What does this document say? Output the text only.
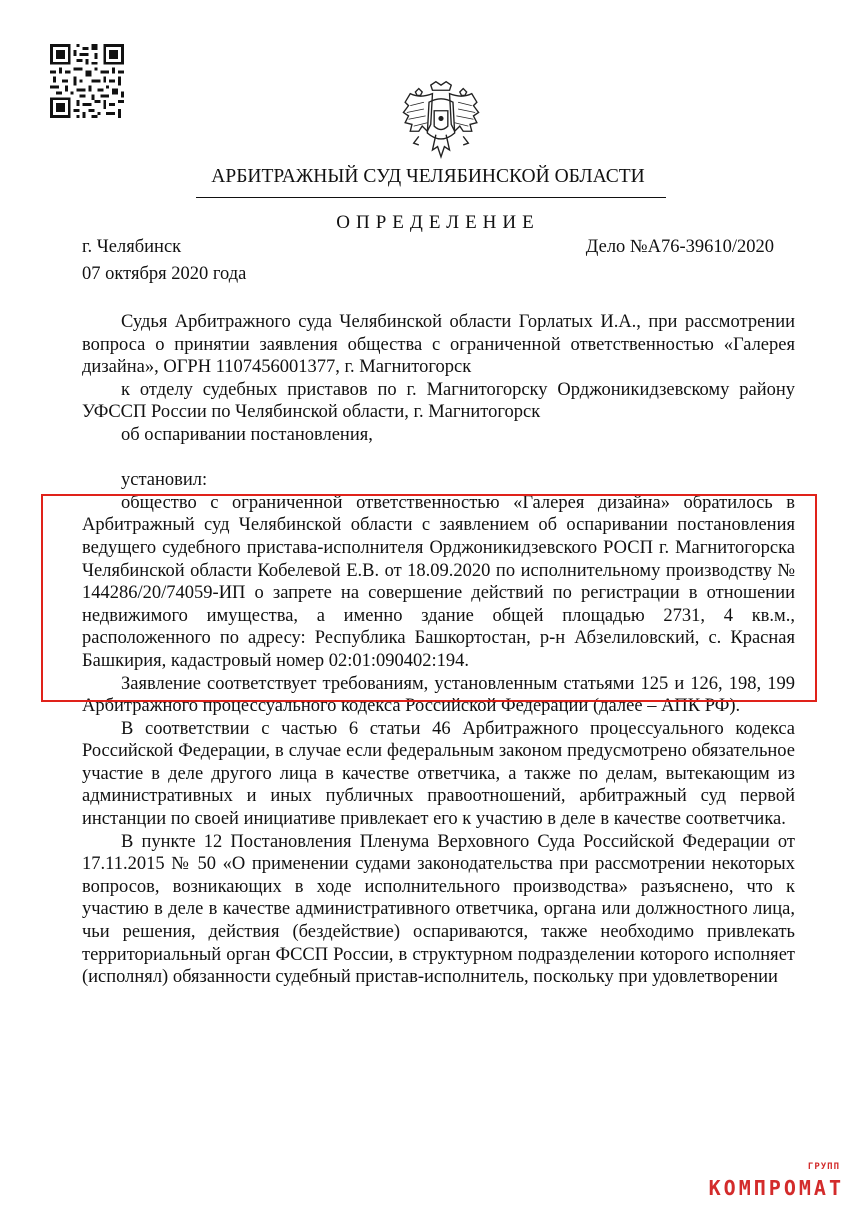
АРБИТРАЖНЫЙ СУД ЧЕЛЯБИНСКОЙ ОБЛАСТИ
ОПРЕДЕЛЕНИЕ
г. Челябинск
07 октября 2020 года
Дело №А76-39610/2020

Судья Арбитражного суда Челябинской области Горлатых И.А., при рассмотрении вопроса о принятии заявления общества с ограниченной ответственностью «Галерея дизайна», ОГРН 1107456001377, г. Магнитогорск

к отделу судебных приставов по г. Магнитогорску Орджоникидзевскому району УФССП России по Челябинской области, г. Магнитогорск

об оспаривании постановления,

установил:

общество с ограниченной ответственностью «Галерея дизайна» обратилось в Арбитражный суд Челябинской области с заявлением об оспаривании постановления ведущего судебного пристава-исполнителя Орджоникидзевского РОСП г. Магнитогорска Челябинской области Кобелевой Е.В. от 18.09.2020 по исполнительному производству № 144286/20/74059-ИП о запрете на совершение действий по регистрации в отношении недвижимого имущества, а именно здание общей площадью 2731, 4 кв.м., расположенного по адресу: Республика Башкортостан, р-н Абзелиловский, с. Красная Башкирия, кадастровый номер 02:01:090402:194.

Заявление соответствует требованиям, установленным статьями 125 и 126, 198, 199 Арбитражного процессуального кодекса Российской Федерации (далее – АПК РФ).

В соответствии с частью 6 статьи 46 Арбитражного процессуального кодекса Российской Федерации, в случае если федеральным законом предусмотрено обязательное участие в деле другого лица в качестве ответчика, а также по делам, вытекающим из административных и иных публичных правоотношений, арбитражный суд первой инстанции по своей инициативе привлекает его к участию в деле в качестве соответчика.

В пункте 12 Постановления Пленума Верховного Суда Российской Федерации от 17.11.2015 № 50 «О применении судами законодательства при рассмотрении некоторых вопросов, возникающих в ходе исполнительного производства» разъяснено, что к участию в деле в качестве административного ответчика, органа или должностного лица, чьи решения, действия (бездействие) оспариваются, также необходимо привлекать территориальный орган ФССП России, в структурном подразделении которого исполняет (исполнял) обязанности судебный пристав-исполнитель, поскольку при удовлетворении

ГРУПП
КОМПРОМАТ
